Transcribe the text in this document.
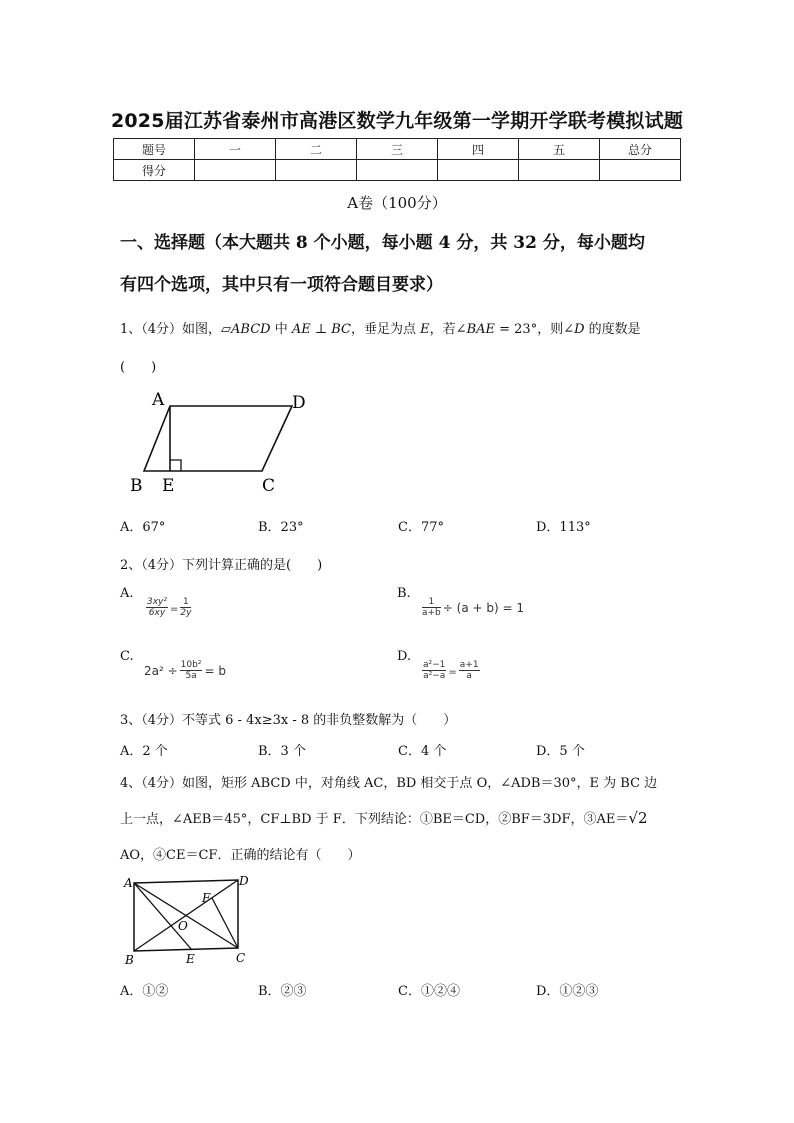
2025届江苏省泰州市高港区数学九年级第一学期开学联考模拟试题
题号	一	二	三	四	五	总分
得分						
A卷（100分）
一、选择题（本大题共 8 个小题，每小题 4 分，共 32 分，每小题均
有四个选项，其中只有一项符合题目要求）
1、（4分）如图，▱ABCD 中 AE ⊥ BC，垂足为点 E，若∠BAE = 23°，则∠D 的度数是
(　　)
A	D
B E	C
A．67°	B．23°	C．77°	D．113°
2、（4分）下列计算正确的是(　　)
A.
$\frac{\text{3xy²}}{6xy} = \frac{1}{2y}$
B.
$\frac{1}{a+b} \div (a + b) = 1$
C.
$2a^2 \div \frac{\text{10b²}}{5a} = b$
D.
$\frac{\text{a²−1}}{\text{a²−a}} = \frac{a+1}{a}$
3、（4分）不等式 6 - 4x≥3x - 8 的非负整数解为（　　）
A．2 个	B．3 个	C．4 个	D．5 个
4、（4分）如图，矩形 ABCD 中，对角线 AC，BD 相交于点 O，∠ADB＝30°，E 为 BC 边
上一点，∠AEB＝45°，CF⊥BD 于 F．下列结论：①BE＝CD，②BF＝3DF，③AE＝√2
AO，④CE＝CF．正确的结论有（　　）
A	D
F
O
B	E	C
A．①②	B．②③	C．①②④	D．①②③
